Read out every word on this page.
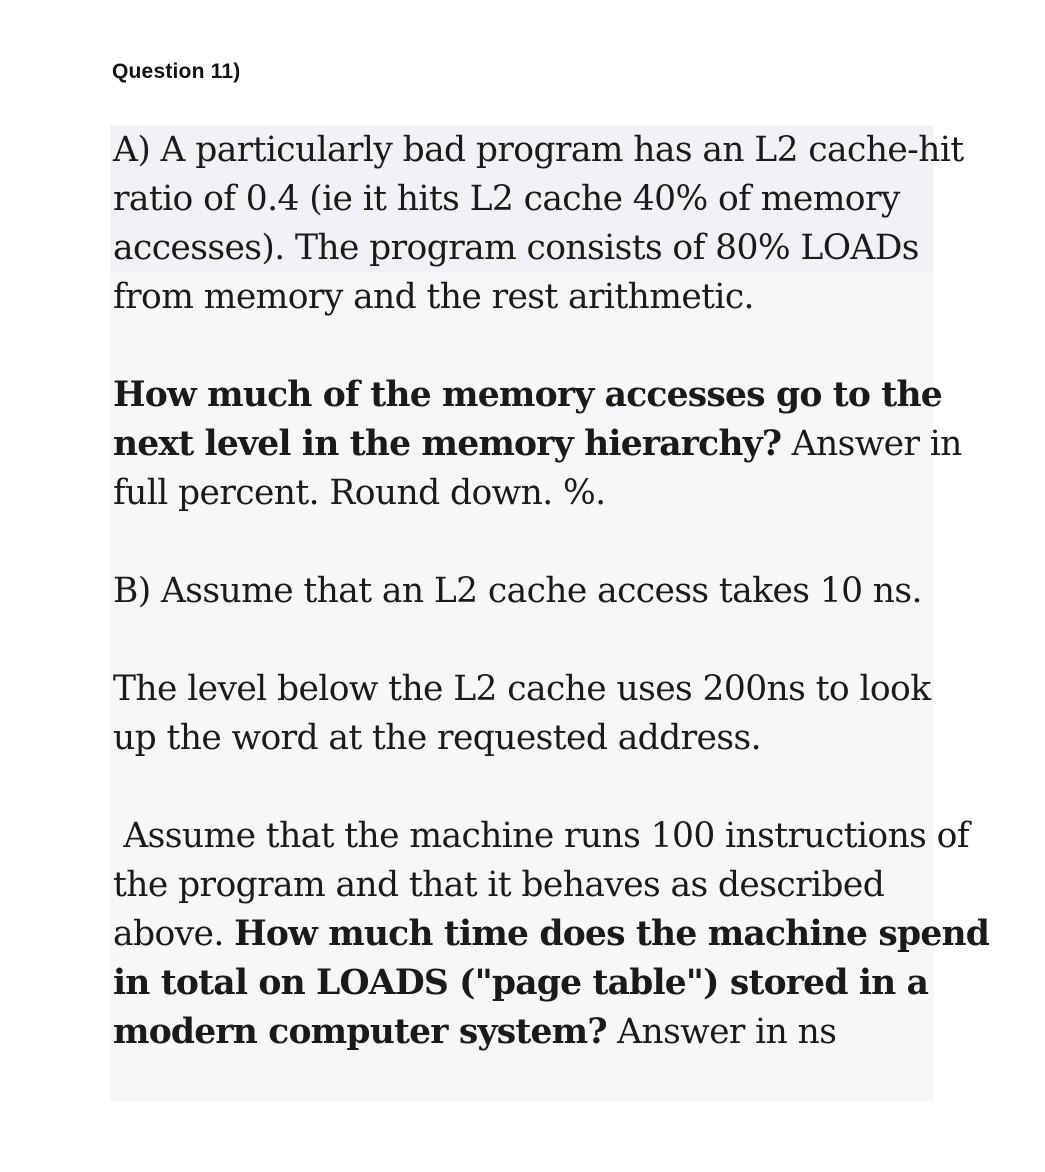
Question 11)
A) A particularly bad program has an L2 cache-hit
ratio of 0.4 (ie it hits L2 cache 40% of memory
accesses). The program consists of 80% LOADs
from memory and the rest arithmetic.
How much of the memory accesses go to the
next level in the memory hierarchy? Answer in
full percent. Round down. %.
B) Assume that an L2 cache access takes 10 ns.
The level below the L2 cache uses 200ns to look
up the word at the requested address.
Assume that the machine runs 100 instructions of
the program and that it behaves as described
above. How much time does the machine spend
in total on LOADS ("page table") stored in a
modern computer system? Answer in ns
